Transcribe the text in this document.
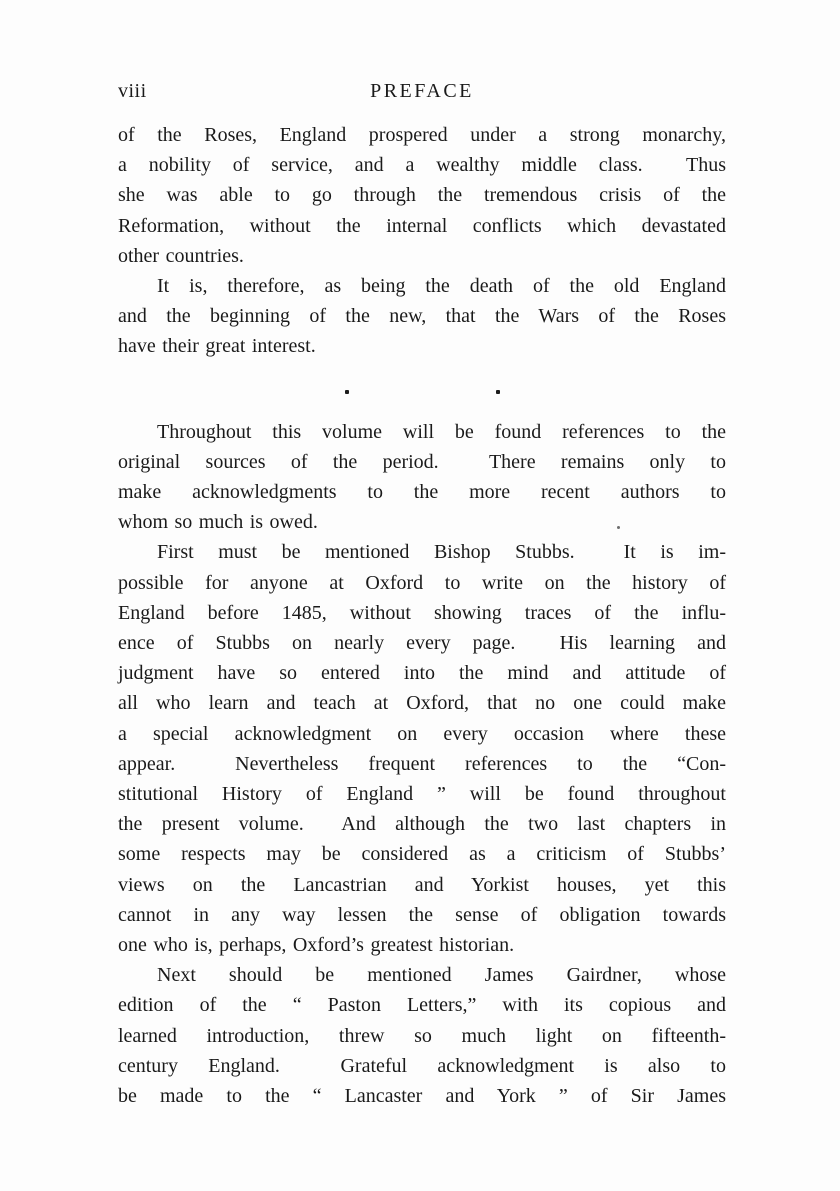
viii	PREFACE
of the Roses, England prospered under a strong monarchy,
a nobility of service, and a wealthy middle class.  Thus
she was able to go through the tremendous crisis of the
Reformation, without the internal conflicts which devastated
other countries.
It is, therefore, as being the death of the old England
and the beginning of the new, that the Wars of the Roses
have their great interest.
Throughout this volume will be found references to the
original sources of the period.  There remains only to
make acknowledgments to the more recent authors to
whom so much is owed.
First must be mentioned Bishop Stubbs.  It is im-
possible for anyone at Oxford to write on the history of
England before 1485, without showing traces of the influ-
ence of Stubbs on nearly every page.  His learning and
judgment have so entered into the mind and attitude of
all who learn and teach at Oxford, that no one could make
a special acknowledgment on every occasion where these
appear.  Nevertheless frequent references to the “Con-
stitutional History of England ” will be found throughout
the present volume.  And although the two last chapters in
some respects may be considered as a criticism of Stubbs’
views on the Lancastrian and Yorkist houses, yet this
cannot in any way lessen the sense of obligation towards
one who is, perhaps, Oxford’s greatest historian.
Next should be mentioned James Gairdner, whose
edition of the “ Paston Letters,” with its copious and
learned introduction, threw so much light on fifteenth-
century England.  Grateful acknowledgment is also to
be made to the “ Lancaster and York ” of Sir James
